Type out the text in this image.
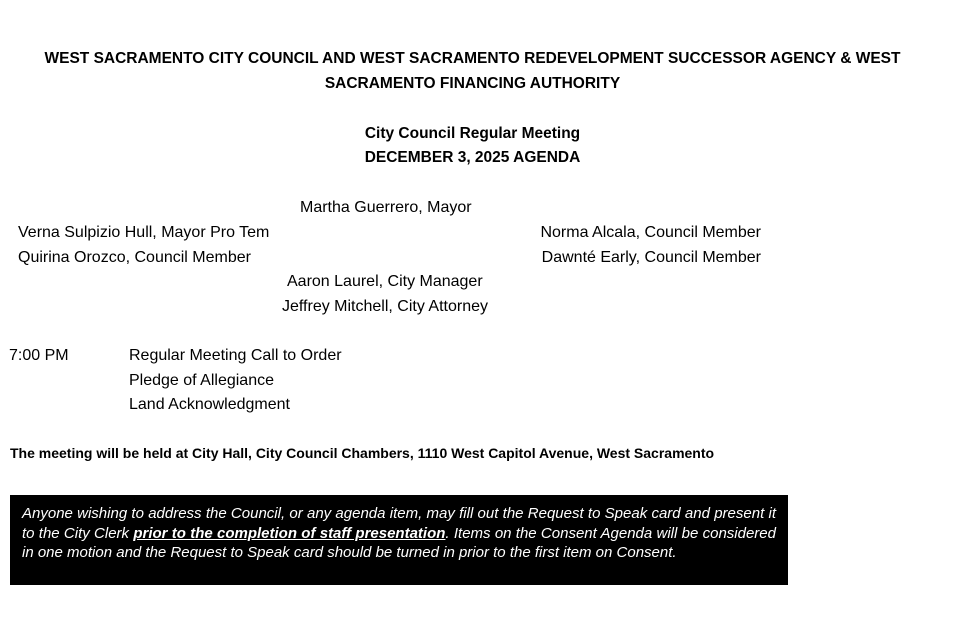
WEST SACRAMENTO CITY COUNCIL AND WEST SACRAMENTO REDEVELOPMENT SUCCESSOR AGENCY & WEST SACRAMENTO FINANCING AUTHORITY
City Council Regular Meeting
DECEMBER 3, 2025 AGENDA
Martha Guerrero, Mayor
Verna Sulpizio Hull, Mayor Pro Tem	Norma Alcala, Council Member
Quirina Orozco, Council Member	Dawnté Early, Council Member
Aaron Laurel, City Manager
Jeffrey Mitchell, City Attorney
7:00 PM	Regular Meeting Call to Order
Pledge of Allegiance
Land Acknowledgment
The meeting will be held at City Hall, City Council Chambers, 1110 West Capitol Avenue, West Sacramento
Anyone wishing to address the Council, or any agenda item, may fill out the Request to Speak card and present it to the City Clerk prior to the completion of staff presentation. Items on the Consent Agenda will be considered in one motion and the Request to Speak card should be turned in prior to the first item on Consent.
